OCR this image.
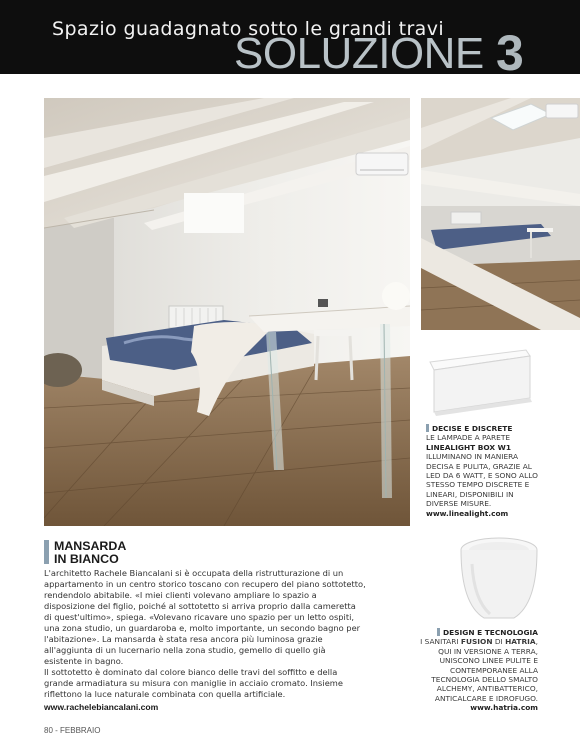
Spazio guadagnato sotto le grandi travi
SOLUZIONE 3
DECISE E DISCRETE
LE LAMPADE A PARETE
LINEALIGHT BOX W1
ILLUMINANO IN MANIERA DECISA E PULITA, GRAZIE AL LED DA 6 WATT, E SONO ALLO STESSO TEMPO DISCRETE E LINEARI, DISPONIBILI IN DIVERSE MISURE.
www.linealight.com
DESIGN E TECNOLOGIA
I SANITARI FUSION DI HATRIA,
QUI IN VERSIONE A TERRA, UNISCONO LINEE PULITE E CONTEMPORANEE ALLA TECNOLOGIA DELLO SMALTO ALCHEMY, ANTIBATTERICO, ANTICALCARE E IDROFUGO.
www.hatria.com
MANSARDA
IN BIANCO

L'architetto Rachele Biancalani si è occupata della ristrutturazione di un appartamento in un centro storico toscano con recupero del piano sottotetto, rendendolo abitabile. «I miei clienti volevano ampliare lo spazio a disposizione del figlio, poiché al sottotetto si arriva proprio dalla cameretta di quest'ultimo», spiega. «Volevano ricavare uno spazio per un letto ospiti, una zona studio, un guardaroba e, molto importante, un secondo bagno per l'abitazione». La mansarda è stata resa ancora più luminosa grazie all'aggiunta di un lucernario nella zona studio, gemello di quello già esistente in bagno.

Il sottotetto è dominato dal colore bianco delle travi del soffitto e della grande armadiatura su misura con maniglie in acciaio cromato. Insieme riflettono la luce naturale combinata con quella artificiale.

www.rachelebiancalani.com
80 - FEBBRAIO
